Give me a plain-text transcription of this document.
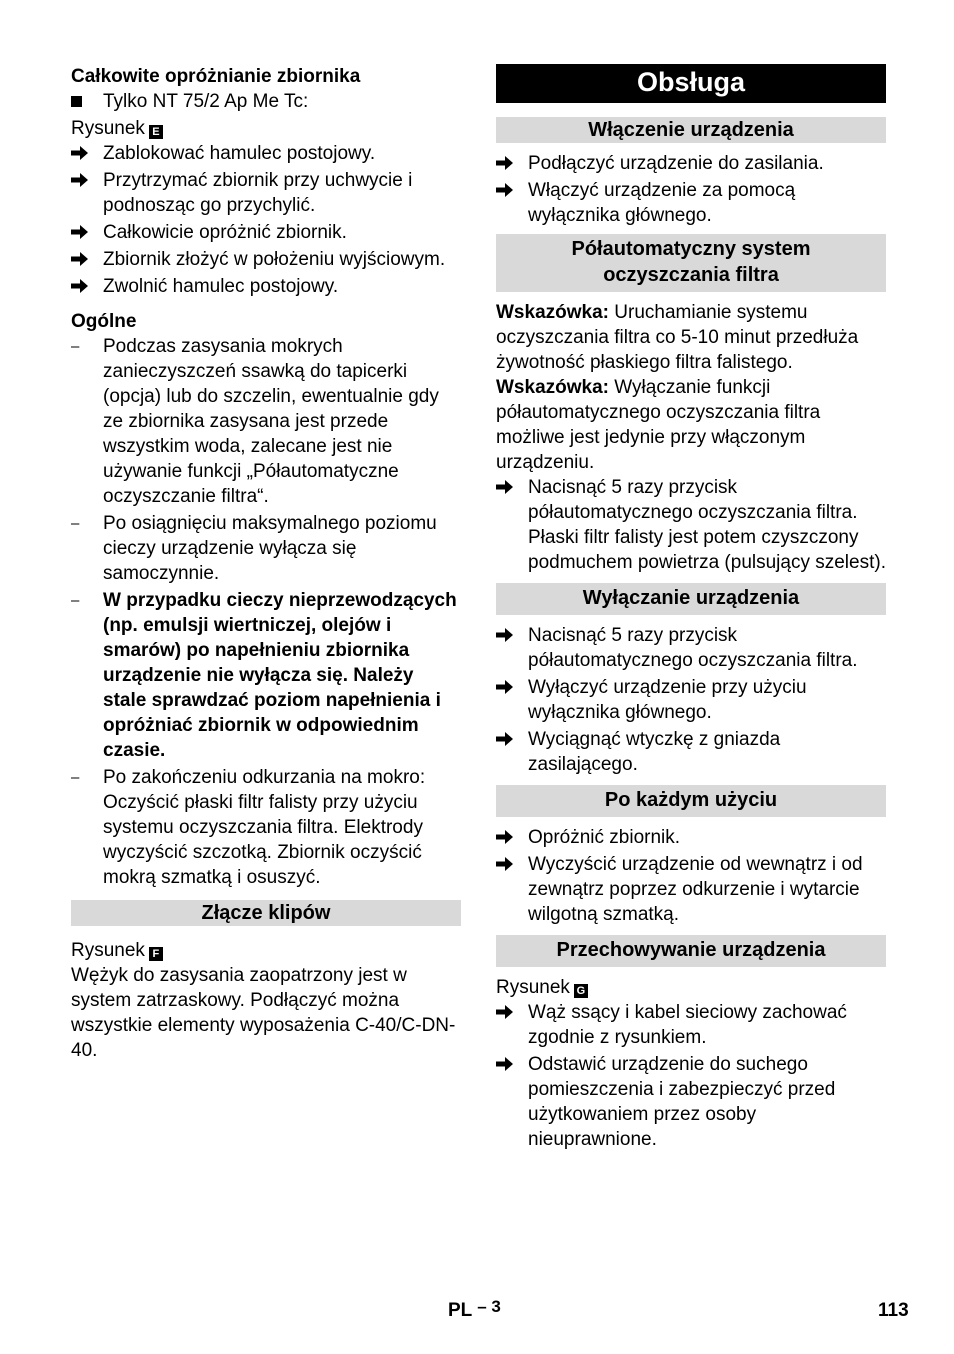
Całkowite opróżnianie zbiornika

Tylko NT 75/2 Ap Me Tc:

Rysunek E

Zablokować hamulec postojowy.
Przytrzymać zbiornik przy uchwycie i podnosząc go przychylić.
Całkowicie opróżnić zbiornik.
Zbiornik złożyć w położeniu wyjściowym.
Zwolnić hamulec postojowy.

Ogólne

–	Podczas zasysania mokrych zanieczyszczeń ssawką do tapicerki (opcja) lub do szczelin, ewentualnie gdy ze zbiornika zasysana jest przede wszystkim woda, zalecane jest nie używanie funkcji „Półautomatyczne oczyszczanie filtra“.
–	Po osiągnięciu maksymalnego poziomu cieczy urządzenie wyłącza się samoczynnie.
–	W przypadku cieczy nieprzewodzących (np. emulsji wiertniczej, olejów i smarów) po napełnieniu zbiornika urządzenie nie wyłącza się. Należy stale sprawdzać poziom napełnienia i opróżniać zbiornik w odpowiednim czasie.
–	Po zakończeniu odkurzania na mokro: Oczyścić płaski filtr falisty przy użyciu systemu oczyszczania filtra. Elektrody wyczyścić szczotką. Zbiornik oczyścić mokrą szmatką i osuszyć.
Złącze klipów

Rysunek F

Wężyk do zasysania zaopatrzony jest w system zatrzaskowy. Podłączyć można wszystkie elementy wyposażenia C-40/C-DN-40.

Obsługa
Włączenie urządzenia
Podłączyć urządzenie do zasilania.
Włączyć urządzenie za pomocą wyłącznika głównego.
Półautomatyczny system oczyszczania filtra

Wskazówka: Uruchamianie systemu oczyszczania filtra co 5-10 minut przedłuża żywotność płaskiego filtra falistego.

Wskazówka: Wyłączanie funkcji półautomatycznego oczyszczania filtra możliwe jest jedynie przy włączonym urządzeniu.

Nacisnąć 5 razy przycisk półautomatycznego oczyszczania filtra. Płaski filtr falisty jest potem czyszczony podmuchem powietrza (pulsujący szelest).
Wyłączanie urządzenia
Nacisnąć 5 razy przycisk półautomatycznego oczyszczania filtra.
Wyłączyć urządzenie przy użyciu wyłącznika głównego.
Wyciągnąć wtyczkę z gniazda zasilającego.
Po każdym użyciu
Opróżnić zbiornik.
Wyczyścić urządzenie od wewnątrz i od zewnątrz poprzez odkurzenie i wytarcie wilgotną szmatką.
Przechowywanie urządzenia

Rysunek G

Wąż ssący i kabel sieciowy zachować zgodnie z rysunkiem.
Odstawić urządzenie do suchego pomieszczenia i zabezpieczyć przed użytkowaniem przez osoby nieuprawnione.
PL – 3	113
